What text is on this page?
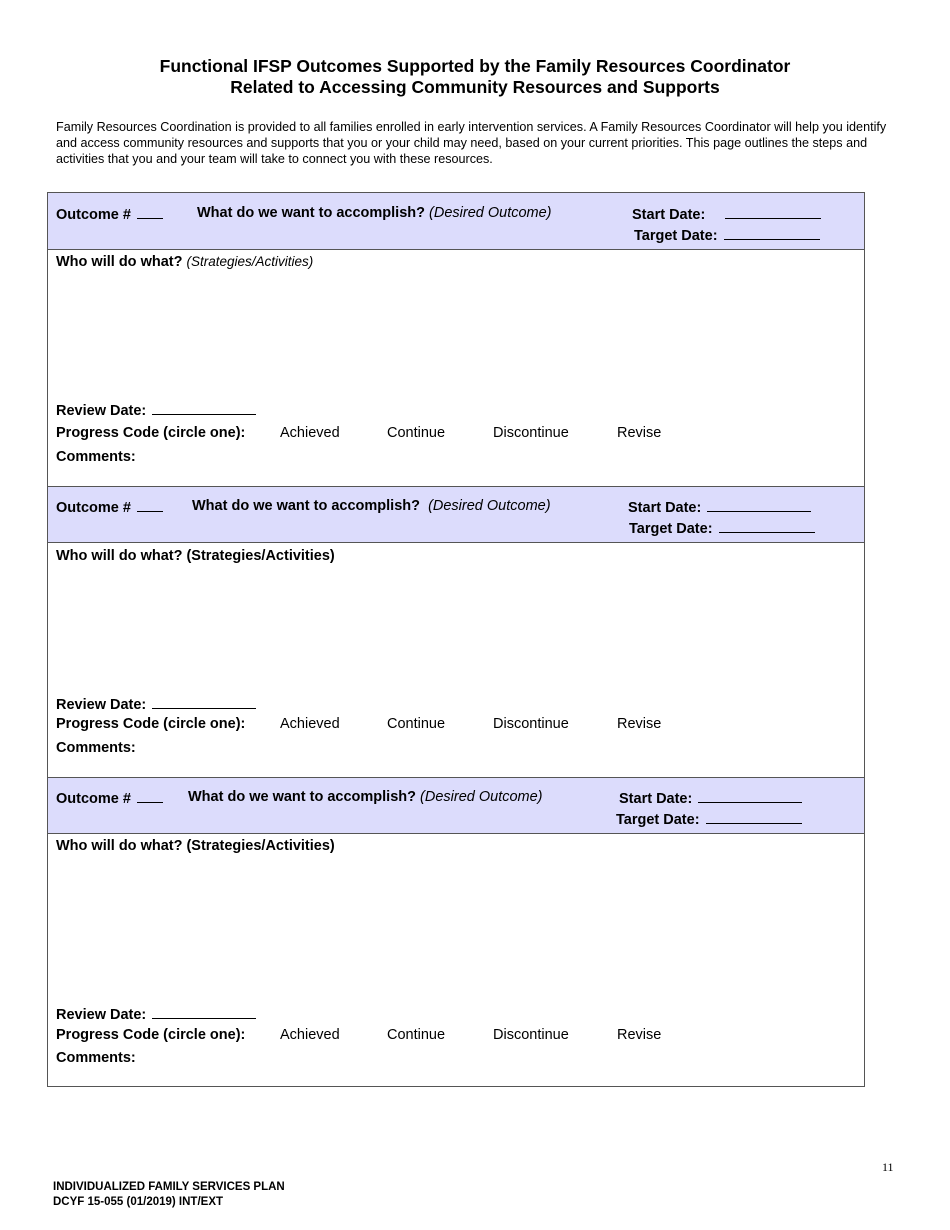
Functional IFSP Outcomes Supported by the Family Resources Coordinator
Related to Accessing Community Resources and Supports
Family Resources Coordination is provided to all families enrolled in early intervention services. A Family Resources Coordinator will help you identify and access community resources and supports that you or your child may need, based on your current priorities. This page outlines the steps and activities that you and your team will take to connect you with these resources.
Outcome #	What do we want to accomplish? (Desired Outcome)	Start Date:
Target Date:
Who will do what? (Strategies/Activities)
Review Date:
Progress Code (circle one): Achieved	Continue	Discontinue	Revise
Comments:
Outcome #	What do we want to accomplish? (Desired Outcome)	Start Date:
Target Date:
Who will do what? (Strategies/Activities)
Review Date:
Progress Code (circle one): Achieved	Continue	Discontinue	Revise
Comments:
Outcome #	What do we want to accomplish? (Desired Outcome)	Start Date:
Target Date:
Who will do what? (Strategies/Activities)
Review Date:
Progress Code (circle one): Achieved	Continue	Discontinue	Revise
Comments:
11
INDIVIDUALIZED FAMILY SERVICES PLAN
DCYF 15-055 (01/2019) INT/EXT
